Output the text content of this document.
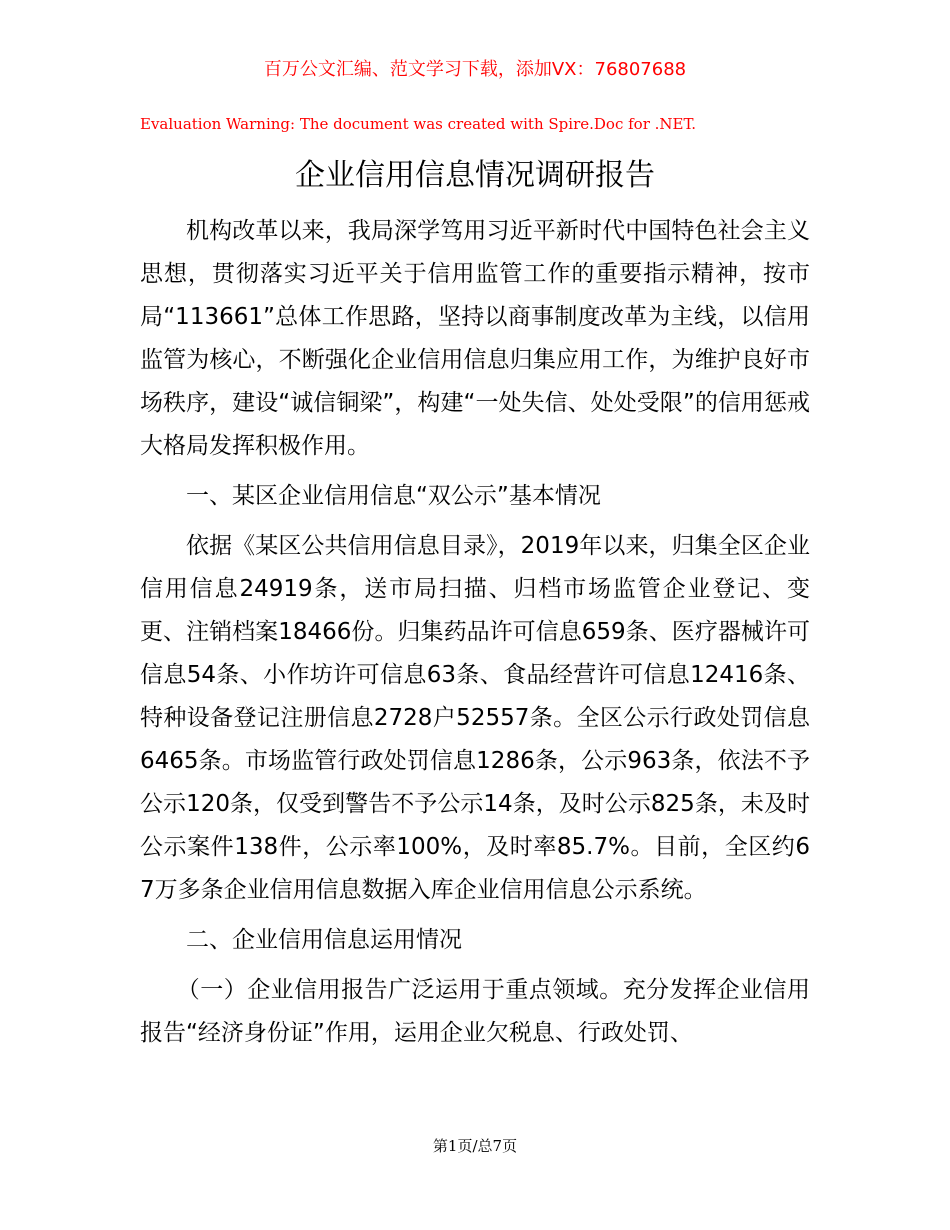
百万公文汇编、范文学习下载，添加VX：76807688
Evaluation Warning: The document was created with Spire.Doc for .NET.
企业信用信息情况调研报告

机构改革以来，我局深学笃用习近平新时代中国特色社会主义思想，贯彻落实习近平关于信用监管工作的重要指示精神，按市局“113661”总体工作思路，坚持以商事制度改革为主线，以信用监管为核心，不断强化企业信用信息归集应用工作，为维护良好市场秩序，建设“诚信铜梁”，构建“一处失信、处处受限”的信用惩戒大格局发挥积极作用。

一、某区企业信用信息“双公示”基本情况

依据《某区公共信用信息目录》，2019年以来，归集全区企业信用信息24919条，送市局扫描、归档市场监管企业登记、变更、注销档案18466份。归集药品许可信息659条、医疗器械许可信息54条、小作坊许可信息63条、食品经营许可信息12416条、特种设备登记注册信息2728户52557条。全区公示行政处罚信息6465条。市场监管行政处罚信息1286条，公示963条，依法不予公示120条，仅受到警告不予公示14条，及时公示825条，未及时公示案件138件，公示率100%，及时率85.7%。目前，全区约67万多条企业信用信息数据入库企业信用信息公示系统。

二、企业信用信息运用情况

（一）企业信用报告广泛运用于重点领域。充分发挥企业信用报告“经济身份证”作用，运用企业欠税息、行政处罚、

第1页/总7页
